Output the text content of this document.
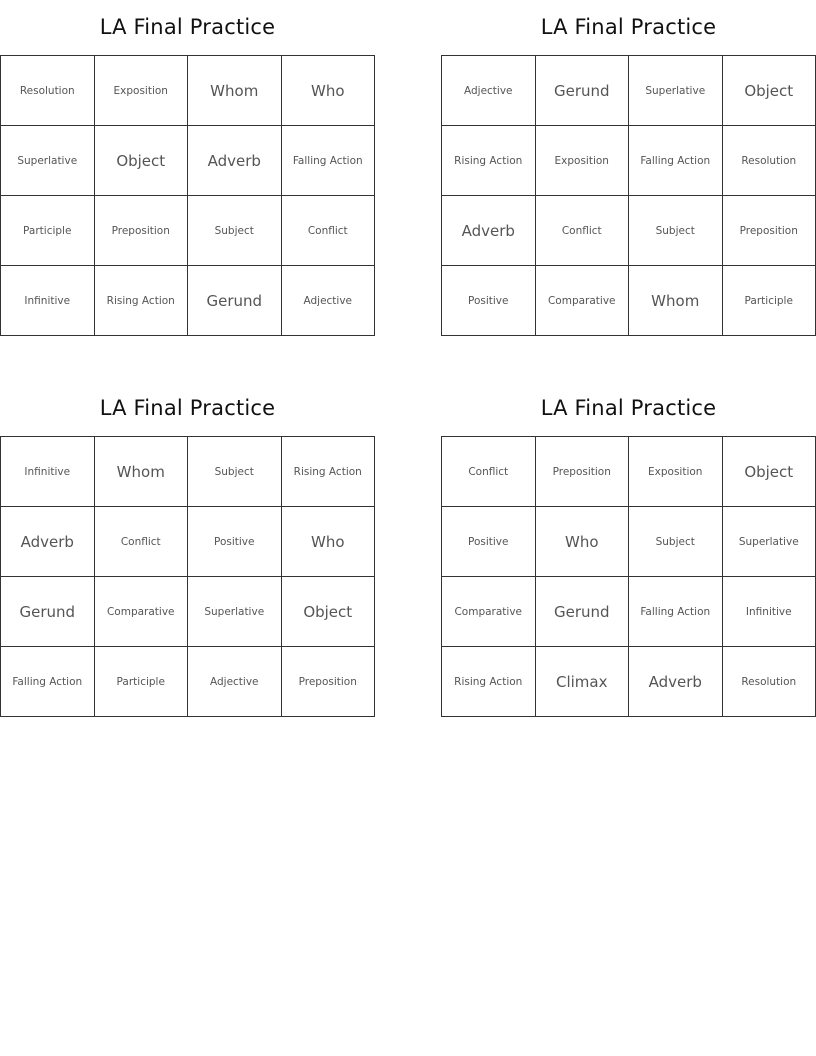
LA Final Practice
Resolution	Exposition	Whom	Who
Superlative	Object	Adverb	Falling Action
Participle	Preposition	Subject	Conflict
Infinitive	Rising Action	Gerund	Adjective
LA Final Practice
Adjective	Gerund	Superlative	Object
Rising Action	Exposition	Falling Action	Resolution
Adverb	Conflict	Subject	Preposition
Positive	Comparative	Whom	Participle
LA Final Practice
Infinitive	Whom	Subject	Rising Action
Adverb	Conflict	Positive	Who
Gerund	Comparative	Superlative	Object
Falling Action	Participle	Adjective	Preposition
LA Final Practice
Conflict	Preposition	Exposition	Object
Positive	Who	Subject	Superlative
Comparative	Gerund	Falling Action	Infinitive
Rising Action	Climax	Adverb	Resolution
